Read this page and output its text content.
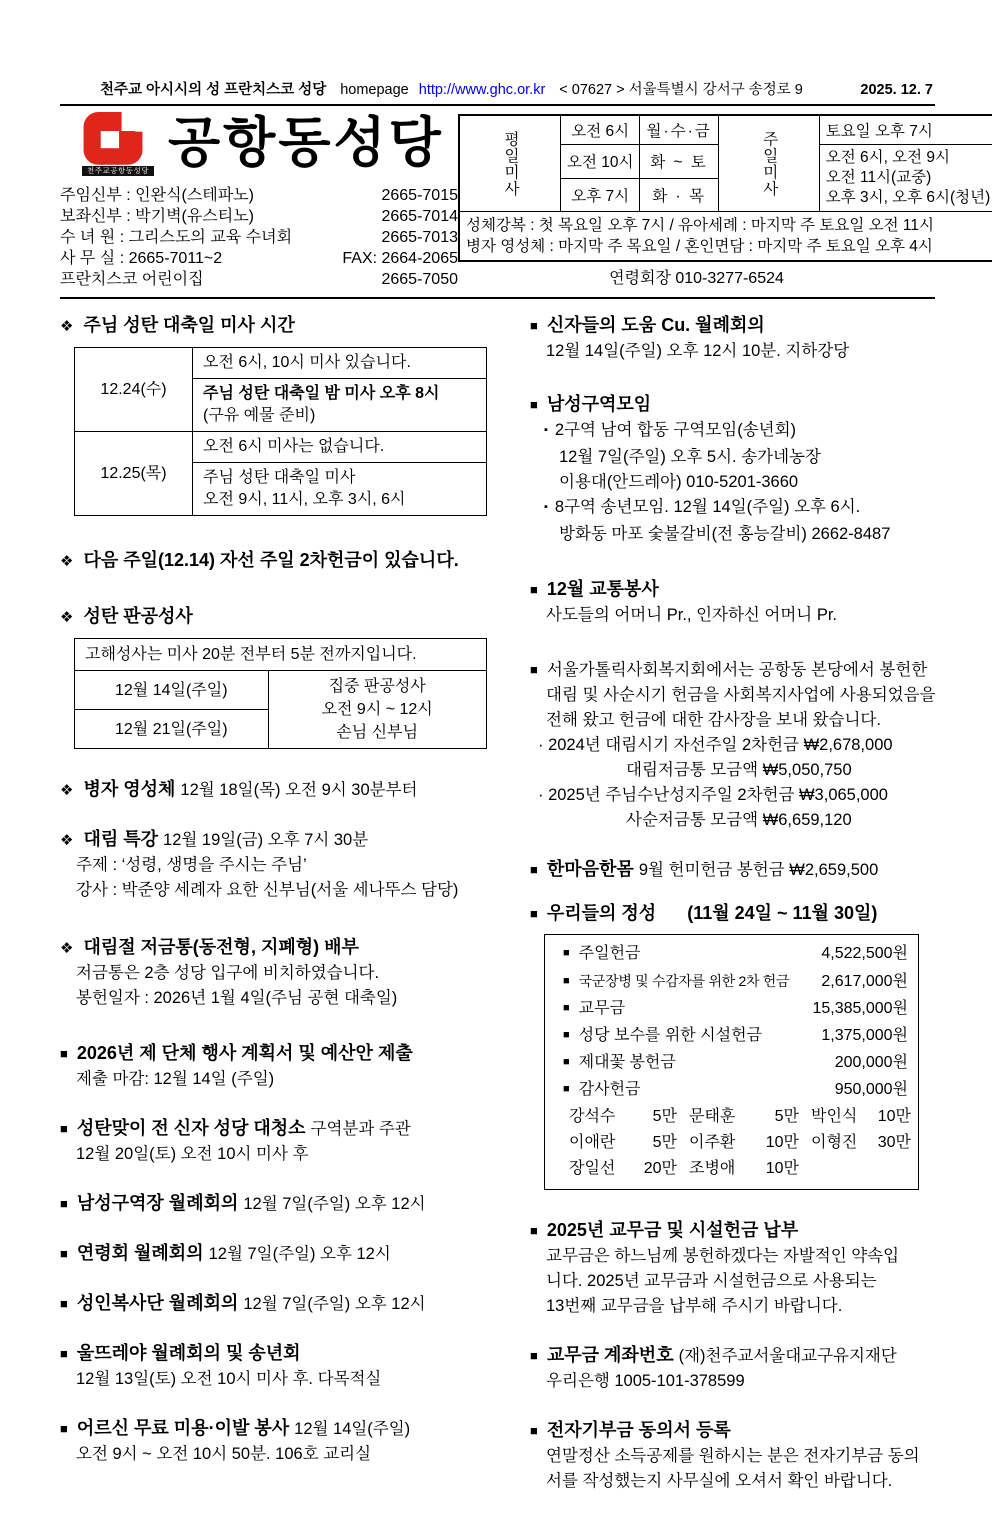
천주교 아시시의 성 프란치스코 성당 homepage http://www.ghc.or.kr < 07627 > 서울특별시 강서구 송정로 9	2025. 12. 7
천주교공항동성당 공항동성당
주임신부 : 인완식(스테파노)	2665-7015
보좌신부 : 박기벽(유스티노)	2665-7014
수 녀 원 : 그리스도의 교육 수녀회	2665-7013
사 무 실 : 2665-7011~2	FAX: 2664-2065
프란치스코 어린이집	2665-7050
평일미사	오전 6시	월·수·금	주일미사	토요일 오후 7시
	오전 10시	화 ~ 토		오전 6시, 오전 9시
오전 11시(교중)
오후 3시, 오후 6시(청년)

	오후 7시	화 · 목		

성체강복 : 첫 목요일 오후 7시 / 유아세례 : 마지막 주 토요일 오전 11시
병자 영성체 : 마지막 주 목요일 / 혼인면담 : 마지막 주 토요일 오후 4시				
연령회장 010-3277-6524
❖ 주님 성탄 대축일 미사 시간
12.24(수)	오전 6시, 10시 미사 있습니다.

	주님 성탄 대축일 밤 미사 오후 8시
(구유 예물 준비)

12.25(목)	오전 6시 미사는 없습니다.

	주님 성탄 대축일 미사
오전 9시, 11시, 오후 3시, 6시
❖ 다음 주일(12.14) 자선 주일 2차헌금이 있습니다.
❖ 성탄 판공성사
고해성사는 미사 20분 전부터 5분 전까지입니다.
12월 14일(주일)	집중 판공성사
오전 9시 ~ 12시
손님 신부님

12월 21일(주일)
❖ 병자 영성체 12월 18일(목) 오전 9시 30분부터
❖ 대림 특강 12월 19일(금) 오후 7시 30분
주제 : ‘성령, 생명을 주시는 주님’
강사 : 박준양 세례자 요한 신부님(서울 세나뚜스 담당)
❖ 대림절 저금통(동전형, 지폐형) 배부
저금통은 2층 성당 입구에 비치하였습니다.
봉헌일자 : 2026년 1월 4일(주님 공현 대축일)
■ 2026년 제 단체 행사 계획서 및 예산안 제출
제출 마감: 12월 14일 (주일)
■ 성탄맞이 전 신자 성당 대청소 구역분과 주관
12월 20일(토) 오전 10시 미사 후
■ 남성구역장 월례회의 12월 7일(주일) 오후 12시
■ 연령회 월례회의 12월 7일(주일) 오후 12시
■ 성인복사단 월례회의 12월 7일(주일) 오후 12시
■ 울뜨레야 월례회의 및 송년회
12월 13일(토) 오전 10시 미사 후. 다목적실
■ 어르신 무료 미용·이발 봉사 12월 14일(주일)
오전 9시 ~ 오전 10시 50분. 106호 교리실
■ 신자들의 도움 Cu. 월례회의
12월 14일(주일) 오후 12시 10분. 지하강당
■ 남성구역모임
▪ 2구역 남여 합동 구역모임(송년회)
12월 7일(주일) 오후 5시. 송가네농장
이용대(안드레아) 010-5201-3660
▪ 8구역 송년모임. 12월 14일(주일) 오후 6시.
방화동 마포 숯불갈비(전 홍능갈비) 2662-8487
■ 12월 교통봉사
사도들의 어머니 Pr., 인자하신 어머니 Pr.
■ 서울가톨릭사회복지회에서는 공항동 본당에서 봉헌한
대림 및 사순시기 헌금을 사회복지사업에 사용되었음을
전해 왔고 헌금에 대한 감사장을 보내 왔습니다.
· 2024년 대림시기 자선주일 2차헌금 ₩2,678,000
대림저금통 모금액 ₩5,050,750
· 2025년 주님수난성지주일 2차헌금 ₩3,065,000
사순저금통 모금액 ₩6,659,120
■ 한마음한몸 9월 헌미헌금 봉헌금 ₩2,659,500
■ 우리들의 정성 (11월 24일 ~ 11월 30일)
■ 주일헌금	4,522,500원
■ 국군장병 및 수감자를 위한 2차 헌금 2,617,000원
■ 교무금	15,385,000원
■ 성당 보수를 위한 시설헌금	1,375,000원
■ 제대꽃 봉헌금	200,000원
■ 감사헌금	950,000원
강석수	5만 문태훈	5만 박인식	10만
이애란	5만 이주환	10만 이형진	30만
장일선	20만 조병애	10만
■ 2025년 교무금 및 시설헌금 납부
교무금은 하느님께 봉헌하겠다는 자발적인 약속입
니다. 2025년 교무금과 시설헌금으로 사용되는
13번째 교무금을 납부해 주시기 바랍니다.
■ 교무금 계좌번호 (재)천주교서울대교구유지재단
우리은행 1005-101-378599
■ 전자기부금 동의서 등록
연말정산 소득공제를 원하시는 분은 전자기부금 동의
서를 작성했는지 사무실에 오셔서 확인 바랍니다.
